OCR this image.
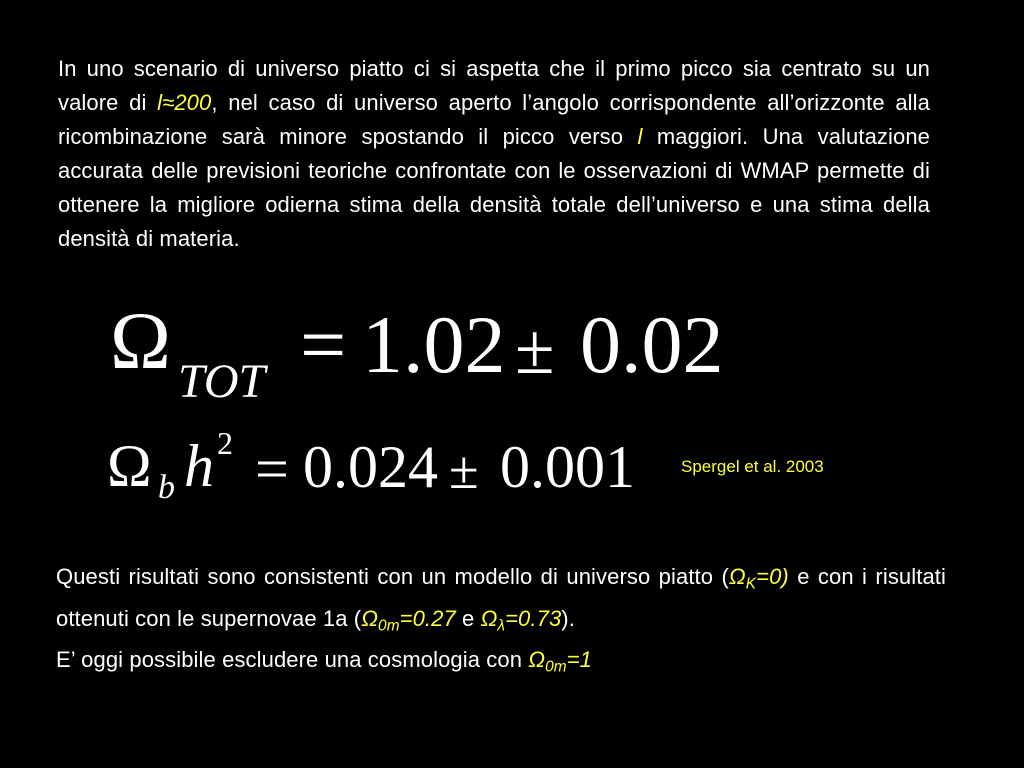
In uno scenario di universo piatto ci si aspetta che il primo picco sia centrato su un valore di l≈200, nel caso di universo aperto l’angolo corrispondente all’orizzonte alla ricombinazione sarà minore spostando il picco verso l maggiori. Una valutazione accurata delle previsioni teoriche confrontate con le osservazioni di WMAP permette di ottenere la migliore odierna stima della densità totale dell’universo e una stima della densità di materia.
Ω TOT = 1.02 ± 0.02
Ω b h 2 = 0.024 ± 0.001	Spergel et al. 2003
Questi risultati sono consistenti con un modello di universo piatto $(\Omega_K=0)$ e con i risultati ottenuti con le supernovae 1a ($\Omega_{0m}=0.27$ e $\Omega_\lambda=0.73$).
E’ oggi possibile escludere una cosmologia con $\Omega_{0m}=1$
